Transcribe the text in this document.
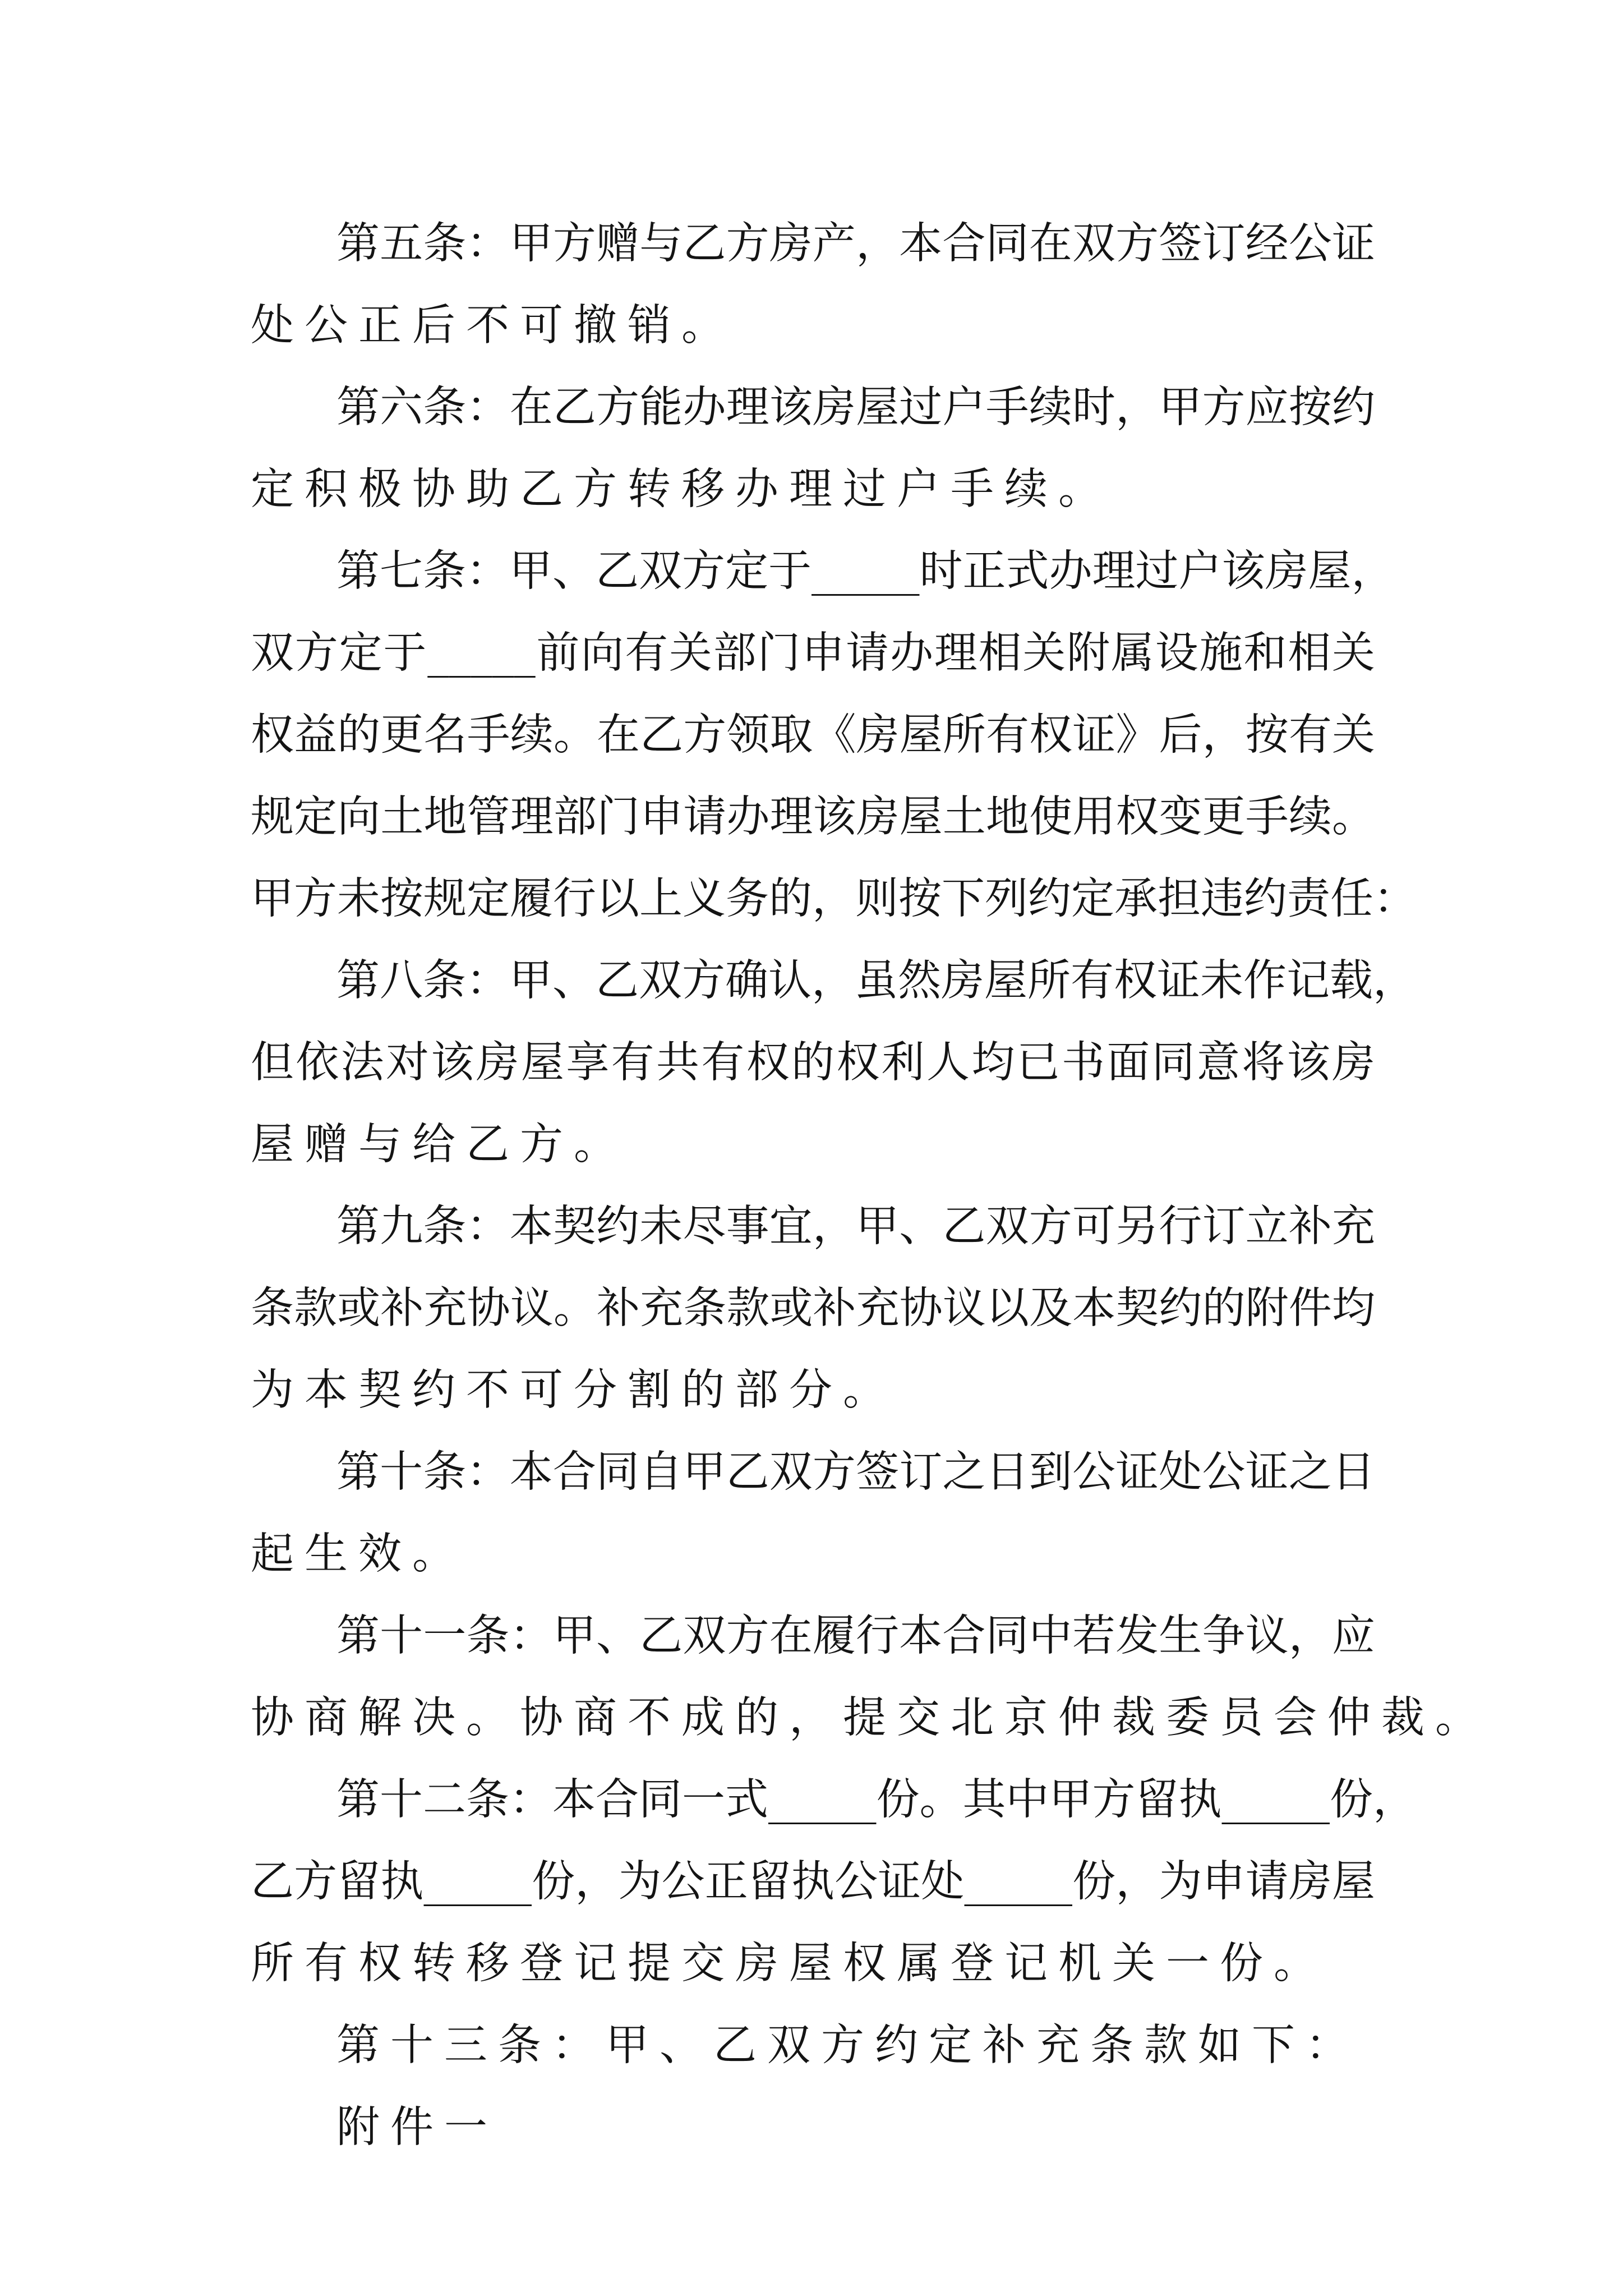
第五条：甲方赠与乙方房产，本合同在双方签订经公证

处公正后不可撤销。

第六条：在乙方能办理该房屋过户手续时，甲方应按约

定积极协助乙方转移办理过户手续。

第七条：甲、乙双方定于_____时正式办理过户该房屋，

双方定于_____前向有关部门申请办理相关附属设施和相关

权益的更名手续。在乙方领取《房屋所有权证》后，按有关

规定向土地管理部门申请办理该房屋土地使用权变更手续。

甲方未按规定履行以上义务的，则按下列约定承担违约责任：

第八条：甲、乙双方确认，虽然房屋所有权证未作记载，

但依法对该房屋享有共有权的权利人均已书面同意将该房

屋赠与给乙方。

第九条：本契约未尽事宜，甲、乙双方可另行订立补充

条款或补充协议。补充条款或补充协议以及本契约的附件均

为本契约不可分割的部分。

第十条：本合同自甲乙双方签订之日到公证处公证之日

起生效。

第十一条：甲、乙双方在履行本合同中若发生争议，应

协商解决。协商不成的，提交北京仲裁委员会仲裁。

第十二条：本合同一式_____份。其中甲方留执_____份，

乙方留执_____份，为公正留执公证处_____份，为申请房屋

所有权转移登记提交房屋权属登记机关一份。

第十三条：甲、乙双方约定补充条款如下：

附件一
